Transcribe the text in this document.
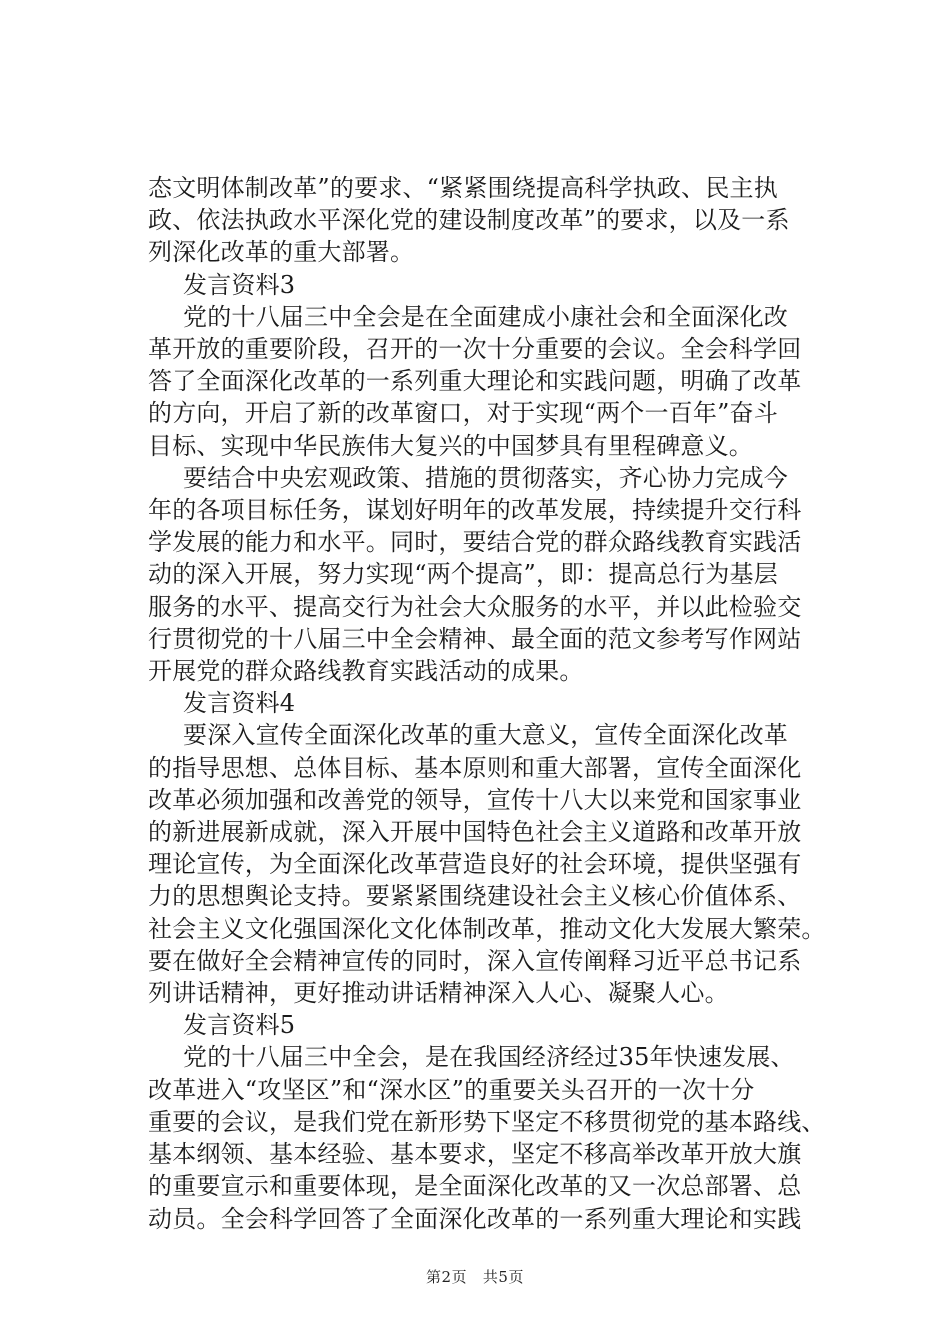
态文明体制改革”的要求、“紧紧围绕提高科学执政、民主执
政、依法执政水平深化党的建设制度改革”的要求，以及一系
列深化改革的重大部署。
发言资料3
党的十八届三中全会是在全面建成小康社会和全面深化改
革开放的重要阶段，召开的一次十分重要的会议。全会科学回
答了全面深化改革的一系列重大理论和实践问题，明确了改革
的方向，开启了新的改革窗口，对于实现“两个一百年”奋斗
目标、实现中华民族伟大复兴的中国梦具有里程碑意义。
要结合中央宏观政策、措施的贯彻落实，齐心协力完成今
年的各项目标任务，谋划好明年的改革发展，持续提升交行科
学发展的能力和水平。同时，要结合党的群众路线教育实践活
动的深入开展，努力实现“两个提高”，即：提高总行为基层
服务的水平、提高交行为社会大众服务的水平，并以此检验交
行贯彻党的十八届三中全会精神、最全面的范文参考写作网站
开展党的群众路线教育实践活动的成果。
发言资料4
要深入宣传全面深化改革的重大意义，宣传全面深化改革
的指导思想、总体目标、基本原则和重大部署，宣传全面深化
改革必须加强和改善党的领导，宣传十八大以来党和国家事业
的新进展新成就，深入开展中国特色社会主义道路和改革开放
理论宣传，为全面深化改革营造良好的社会环境，提供坚强有
力的思想舆论支持。要紧紧围绕建设社会主义核心价值体系、
社会主义文化强国深化文化体制改革，推动文化大发展大繁荣。
要在做好全会精神宣传的同时，深入宣传阐释习近平总书记系
列讲话精神，更好推动讲话精神深入人心、凝聚人心。
发言资料5
党的十八届三中全会，是在我国经济经过35年快速发展、
改革进入“攻坚区”和“深水区”的重要关头召开的一次十分
重要的会议，是我们党在新形势下坚定不移贯彻党的基本路线、
基本纲领、基本经验、基本要求，坚定不移高举改革开放大旗
的重要宣示和重要体现，是全面深化改革的又一次总部署、总
动员。全会科学回答了全面深化改革的一系列重大理论和实践
第2页 共5页
